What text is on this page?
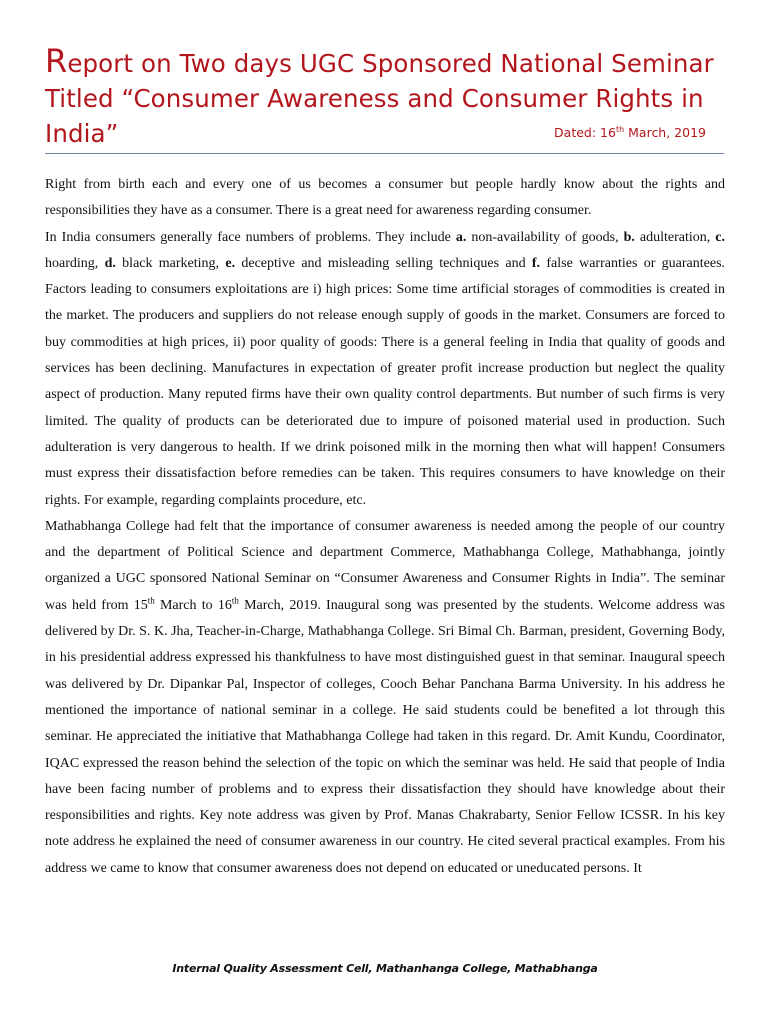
Report on Two days UGC Sponsored National Seminar
Titled “Consumer Awareness and Consumer Rights in
India”	Dated: 16th March, 2019

Right from birth each and every one of us becomes a consumer but people hardly know about the rights and responsibilities they have as a consumer. There is a great need for awareness regarding consumer.

In India consumers generally face numbers of problems. They include a. non-availability of goods, b. adulteration, c. hoarding, d. black marketing, e. deceptive and misleading selling techniques and f. false warranties or guarantees. Factors leading to consumers exploitations are i) high prices: Some time artificial storages of commodities is created in the market. The producers and suppliers do not release enough supply of goods in the market. Consumers are forced to buy commodities at high prices, ii) poor quality of goods: There is a general feeling in India that quality of goods and services has been declining. Manufactures in expectation of greater profit increase production but neglect the quality aspect of production. Many reputed firms have their own quality control departments. But number of such firms is very limited. The quality of products can be deteriorated due to impure of poisoned material used in production. Such adulteration is very dangerous to health. If we drink poisoned milk in the morning then what will happen! Consumers must express their dissatisfaction before remedies can be taken. This requires consumers to have knowledge on their rights. For example, regarding complaints procedure, etc.

Mathabhanga College had felt that the importance of consumer awareness is needed among the people of our country and the department of Political Science and department Commerce, Mathabhanga College, Mathabhanga, jointly organized a UGC sponsored National Seminar on “Consumer Awareness and Consumer Rights in India”. The seminar was held from 15th March to 16th March, 2019. Inaugural song was presented by the students. Welcome address was delivered by Dr. S. K. Jha, Teacher-in-Charge, Mathabhanga College. Sri Bimal Ch. Barman, president, Governing Body, in his presidential address expressed his thankfulness to have most distinguished guest in that seminar. Inaugural speech was delivered by Dr. Dipankar Pal, Inspector of colleges, Cooch Behar Panchana Barma University. In his address he mentioned the importance of national seminar in a college. He said students could be benefited a lot through this seminar. He appreciated the initiative that Mathabhanga College had taken in this regard. Dr. Amit Kundu, Coordinator, IQAC expressed the reason behind the selection of the topic on which the seminar was held. He said that people of India have been facing number of problems and to express their dissatisfaction they should have knowledge about their responsibilities and rights. Key note address was given by Prof. Manas Chakrabarty, Senior Fellow ICSSR. In his key note address he explained the need of consumer awareness in our country. He cited several practical examples. From his address we came to know that consumer awareness does not depend on educated or uneducated persons. It

Internal Quality Assessment Cell, Mathanhanga College, Mathabhanga
